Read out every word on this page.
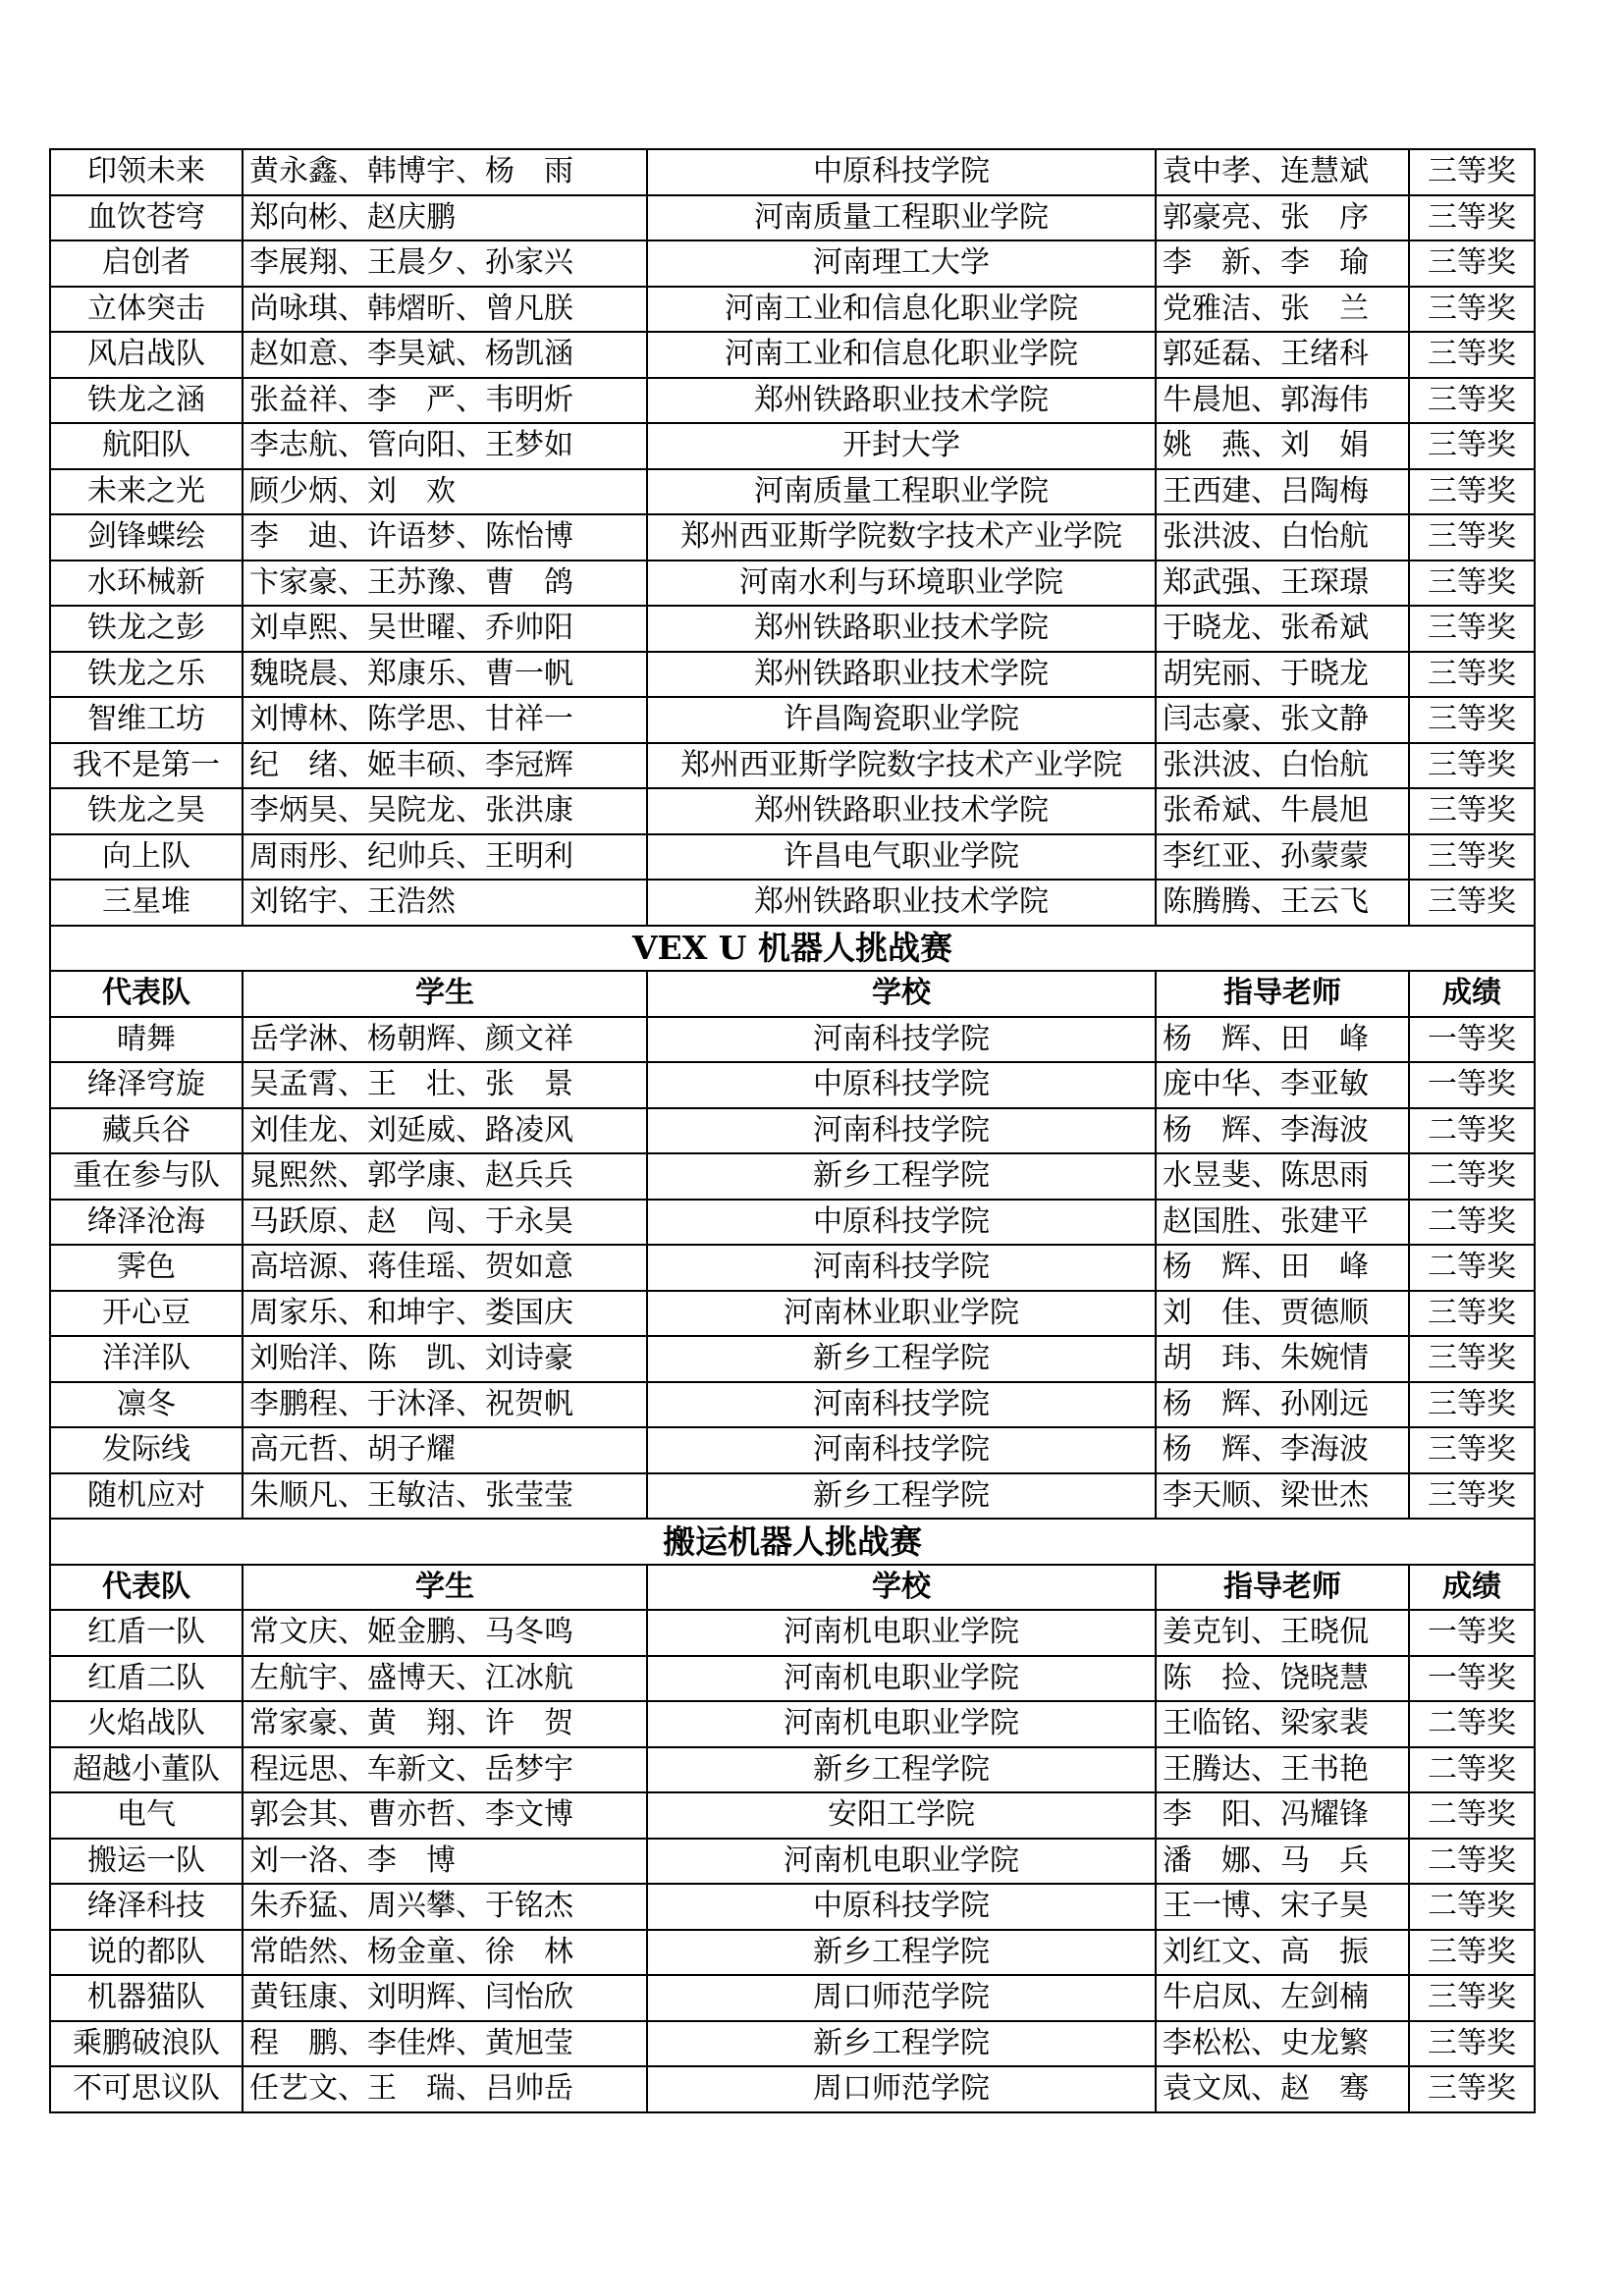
印领未来	黄永鑫、韩博宇、杨　雨	中原科技学院	袁中孝、连慧斌	三等奖
血饮苍穹	郑向彬、赵庆鹏	河南质量工程职业学院	郭豪亮、张　序	三等奖
启创者	李展翔、王晨夕、孙家兴	河南理工大学	李　新、李　瑜	三等奖
立体突击	尚咏琪、韩熠昕、曾凡朕	河南工业和信息化职业学院	党雅洁、张　兰	三等奖
风启战队	赵如意、李昊斌、杨凯涵	河南工业和信息化职业学院	郭延磊、王绪科	三等奖
铁龙之涵	张益祥、李　严、韦明炘	郑州铁路职业技术学院	牛晨旭、郭海伟	三等奖
航阳队	李志航、管向阳、王梦如	开封大学	姚　燕、刘　娟	三等奖
未来之光	顾少炳、刘　欢	河南质量工程职业学院	王西建、吕陶梅	三等奖
剑锋蝶绘	李　迪、许语梦、陈怡博	郑州西亚斯学院数字技术产业学院	张洪波、白怡航	三等奖
水环械新	卞家豪、王苏豫、曹　鸽	河南水利与环境职业学院	郑武强、王琛璟	三等奖
铁龙之彭	刘卓熙、吴世曜、乔帅阳	郑州铁路职业技术学院	于晓龙、张希斌	三等奖
铁龙之乐	魏晓晨、郑康乐、曹一帆	郑州铁路职业技术学院	胡宪丽、于晓龙	三等奖
智维工坊	刘博林、陈学思、甘祥一	许昌陶瓷职业学院	闫志豪、张文静	三等奖
我不是第一	纪　绪、姬丰硕、李冠辉	郑州西亚斯学院数字技术产业学院	张洪波、白怡航	三等奖
铁龙之昊	李炳昊、吴院龙、张洪康	郑州铁路职业技术学院	张希斌、牛晨旭	三等奖
向上队	周雨彤、纪帅兵、王明利	许昌电气职业学院	李红亚、孙蒙蒙	三等奖
三星堆	刘铭宇、王浩然	郑州铁路职业技术学院	陈腾腾、王云飞	三等奖
VEX U 机器人挑战赛				
代表队	学生	学校	指导老师	成绩
晴舞	岳学淋、杨朝辉、颜文祥	河南科技学院	杨　辉、田　峰	一等奖
绛泽穹旋	吴孟霄、王　壮、张　景	中原科技学院	庞中华、李亚敏	一等奖
藏兵谷	刘佳龙、刘延威、路凌风	河南科技学院	杨　辉、李海波	二等奖
重在参与队	晁熙然、郭学康、赵兵兵	新乡工程学院	水昱斐、陈思雨	二等奖
绛泽沧海	马跃原、赵　闯、于永昊	中原科技学院	赵国胜、张建平	二等奖
霁色	高培源、蒋佳瑶、贺如意	河南科技学院	杨　辉、田　峰	二等奖
开心豆	周家乐、和坤宇、娄国庆	河南林业职业学院	刘　佳、贾德顺	三等奖
洋洋队	刘贻洋、陈　凯、刘诗豪	新乡工程学院	胡　玮、朱婉情	三等奖
凛冬	李鹏程、于沐泽、祝贺帆	河南科技学院	杨　辉、孙刚远	三等奖
发际线	高元哲、胡子耀	河南科技学院	杨　辉、李海波	三等奖
随机应对	朱顺凡、王敏洁、张莹莹	新乡工程学院	李天顺、梁世杰	三等奖
搬运机器人挑战赛				
代表队	学生	学校	指导老师	成绩
红盾一队	常文庆、姬金鹏、马冬鸣	河南机电职业学院	姜克钊、王晓侃	一等奖
红盾二队	左航宇、盛博天、江冰航	河南机电职业学院	陈　捡、饶晓慧	一等奖
火焰战队	常家豪、黄　翔、许　贺	河南机电职业学院	王临铭、梁家裴	二等奖
超越小董队	程远思、车新文、岳梦宇	新乡工程学院	王腾达、王书艳	二等奖
电气	郭会其、曹亦哲、李文博	安阳工学院	李　阳、冯耀锋	二等奖
搬运一队	刘一洛、李　博	河南机电职业学院	潘　娜、马　兵	二等奖
绛泽科技	朱乔猛、周兴攀、于铭杰	中原科技学院	王一博、宋子昊	二等奖
说的都队	常皓然、杨金童、徐　林	新乡工程学院	刘红文、高　振	三等奖
机器猫队	黄钰康、刘明辉、闫怡欣	周口师范学院	牛启凤、左剑楠	三等奖
乘鹏破浪队	程　鹏、李佳烨、黄旭莹	新乡工程学院	李松松、史龙繁	三等奖
不可思议队	任艺文、王　瑞、吕帅岳	周口师范学院	袁文凤、赵　骞	三等奖
